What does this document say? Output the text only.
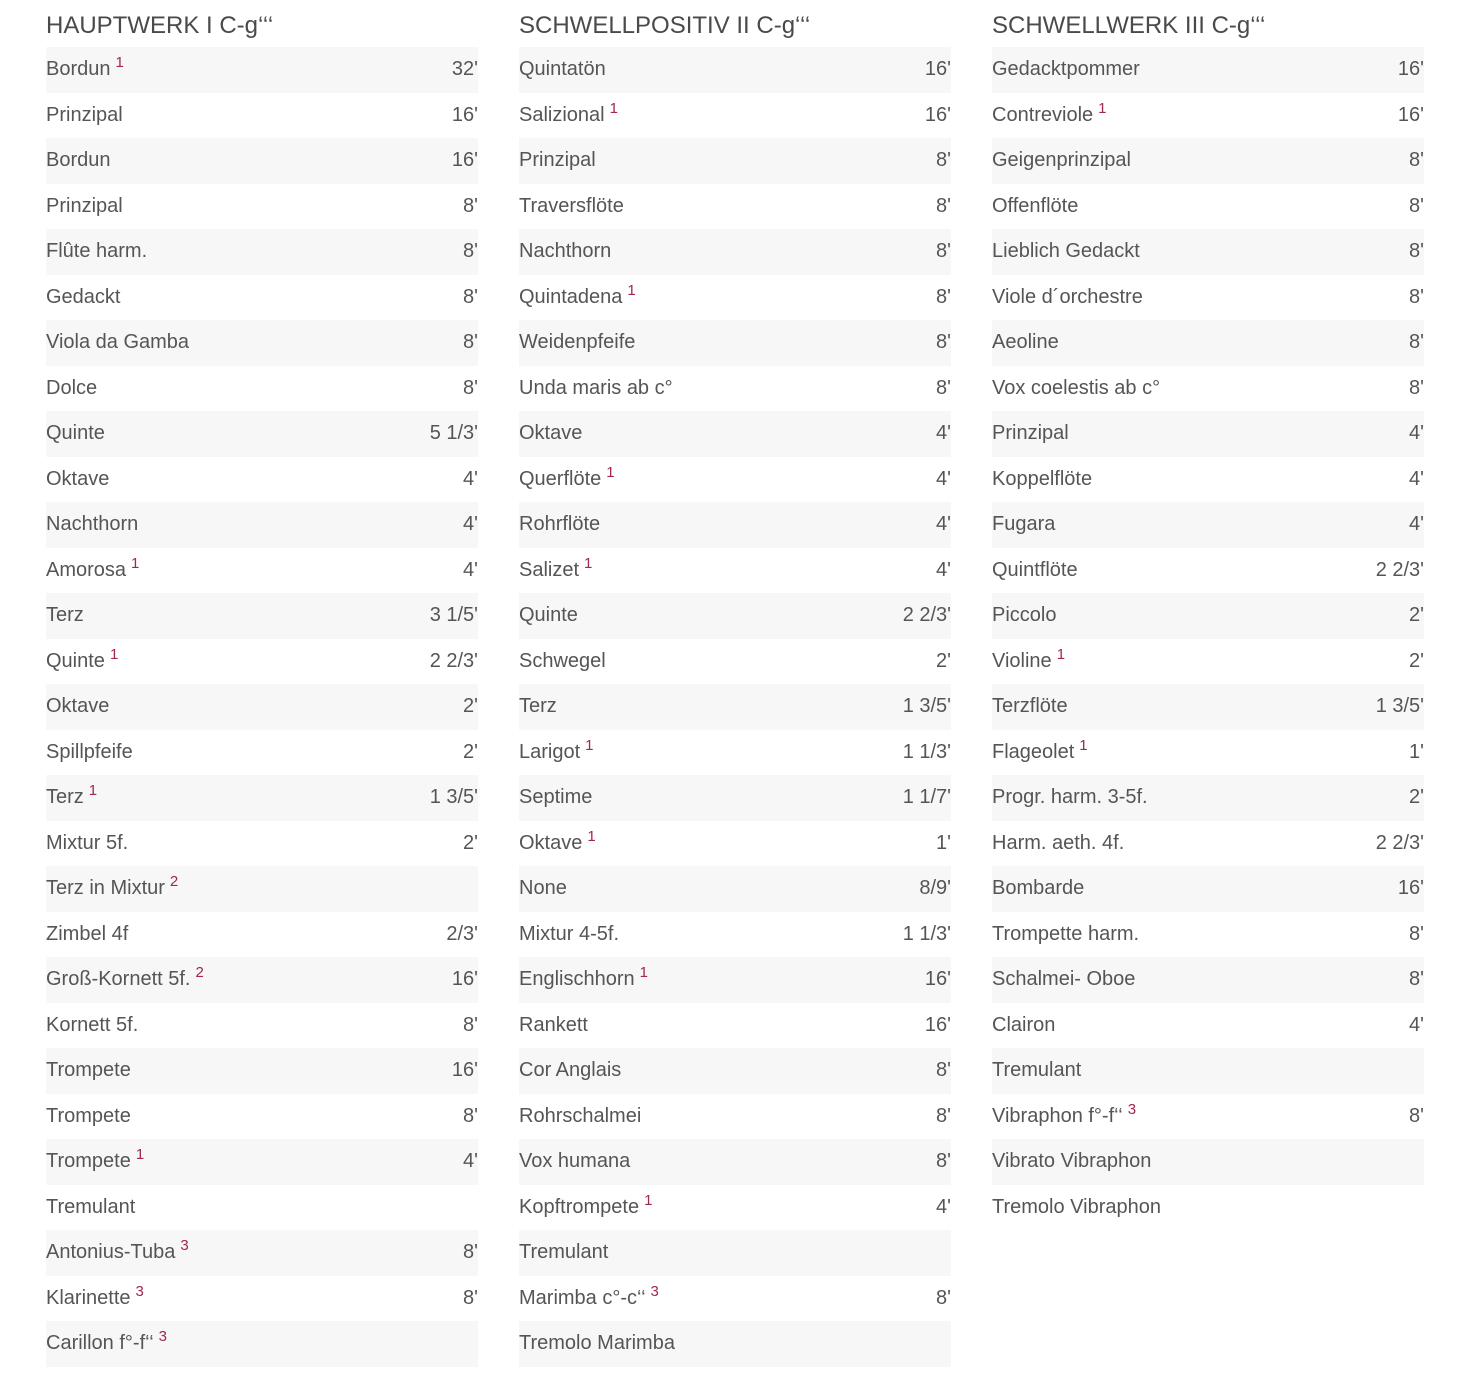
HAUPTWERK I C-g‘‘‘
Bordun $^1$	32'
Prinzipal	16'
Bordun	16'
Prinzipal	8'
Flûte harm.	8'
Gedackt	8'
Viola da Gamba	8'
Dolce	8'
Quinte	5 1/3'
Oktave	4'
Nachthorn	4'
Amorosa $^1$	4'
Terz	3 1/5'
Quinte $^1$	2 2/3'
Oktave	2'
Spillpfeife	2'
Terz $^1$	1 3/5'
Mixtur 5f.	2'
Terz in Mixtur $^2$
Zimbel 4f	2/3'
Groß-Kornett 5f. $^2$	16'
Kornett 5f.	8'
Trompete	16'
Trompete	8'
Trompete $^1$	4'
Tremulant
Antonius-Tuba $^3$	8'
Klarinette $^3$	8'
Carillon f°-f‘‘ $^3$
SCHWELLPOSITIV II C-g‘‘‘
Quintatön	16'
Salizional $^1$	16'
Prinzipal	8'
Traversflöte	8'
Nachthorn	8'
Quintadena $^1$	8'
Weidenpfeife	8'
Unda maris ab c°	8'
Oktave	4'
Querflöte $^1$	4'
Rohrflöte	4'
Salizet $^1$	4'
Quinte	2 2/3'
Schwegel	2'
Terz	1 3/5'
Larigot $^1$	1 1/3'
Septime	1 1/7'
Oktave $^1$	1'
None	8/9'
Mixtur 4-5f.	1 1/3'
Englischhorn $^1$	16'
Rankett	16'
Cor Anglais	8'
Rohrschalmei	8'
Vox humana	8'
Kopftrompete $^1$	4'
Tremulant
Marimba c°-c‘‘ $^3$	8'
Tremolo Marimba
SCHWELLWERK III C-g‘‘‘
Gedacktpommer	16'
Contreviole $^1$	16'
Geigenprinzipal	8'
Offenflöte	8'
Lieblich Gedackt	8'
Viole d´orchestre	8'
Aeoline	8'
Vox coelestis ab c°	8'
Prinzipal	4'
Koppelflöte	4'
Fugara	4'
Quintflöte	2 2/3'
Piccolo	2'
Violine $^1$	2'
Terzflöte	1 3/5'
Flageolet $^1$	1'
Progr. harm. 3-5f.	2'
Harm. aeth. 4f.	2 2/3'
Bombarde	16'
Trompette harm.	8'
Schalmei- Oboe	8'
Clairon	4'
Tremulant
Vibraphon f°-f‘‘ $^3$	8'
Vibrato Vibraphon
Tremolo Vibraphon
